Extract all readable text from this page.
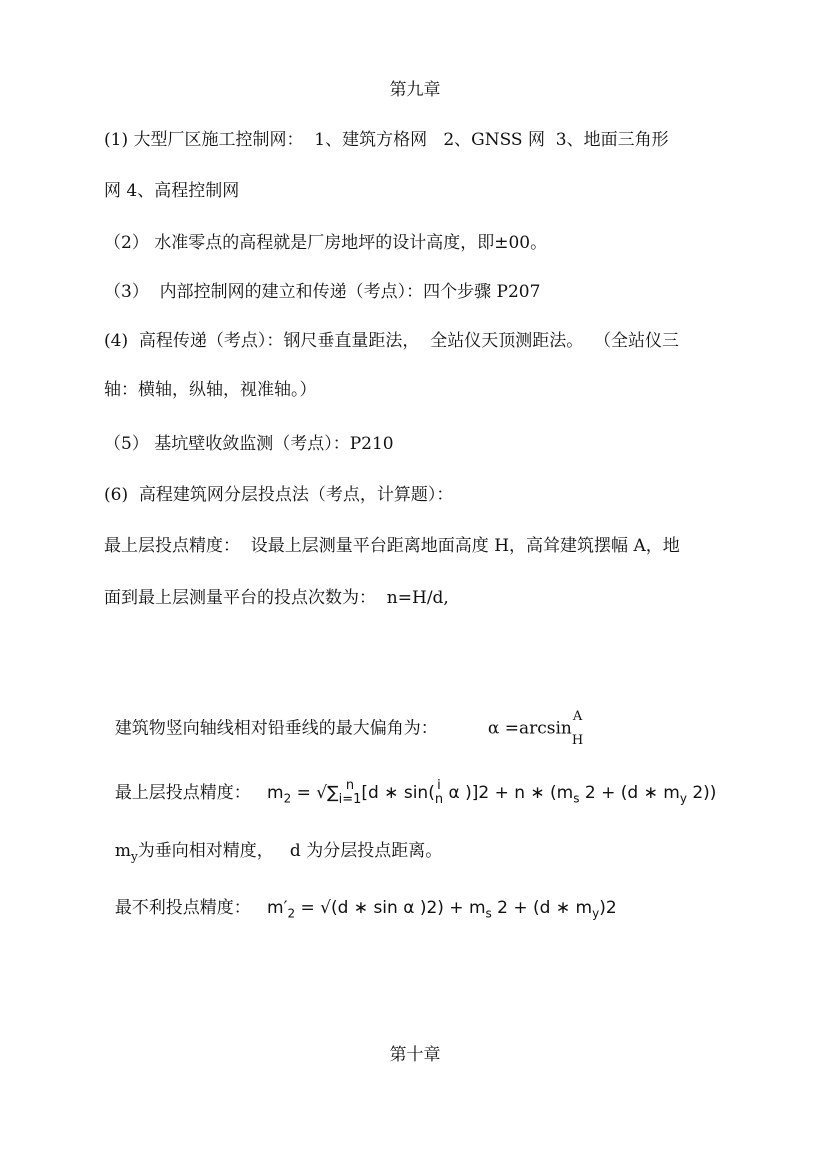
第九章
(1) 大型厂区施工控制网：  1、建筑方格网   2、GNSS 网  3、地面三角形
网 4、高程控制网
（2） 水准零点的高程就是厂房地坪的设计高度，即±00。
（3）  内部控制网的建立和传递（考点）：四个步骤 P207
(4)  高程传递（考点）：钢尺垂直量距法，  全站仪天顶测距法。  （全站仪三
轴：横轴，纵轴，视准轴。）
（5） 基坑壁收敛监测（考点）：P210
(6)  高程建筑网分层投点法（考点，计算题）：
最上层投点精度：  设最上层测量平台距离地面高度 H，高耸建筑摆幅 A，地
面到最上层测量平台的投点次数为：  n=H/d,

建筑物竖向轴线相对铅垂线的最大偏角为：	α =arcsin
A
H

最上层投点精度： $m_2$ = √∑ n
i=1 [d ∗ sin( i
n α )]2 + n ∗ ($m_s$ 2 + (d ∗ $m_y$ 2))

$m_y$为垂向相对精度，   d 为分层投点距离。

最不利投点精度： $m'_2 = √(d$ ∗ sin α )$2) + m_s$ 2 + (d ∗ $m_y)2$

第十章
